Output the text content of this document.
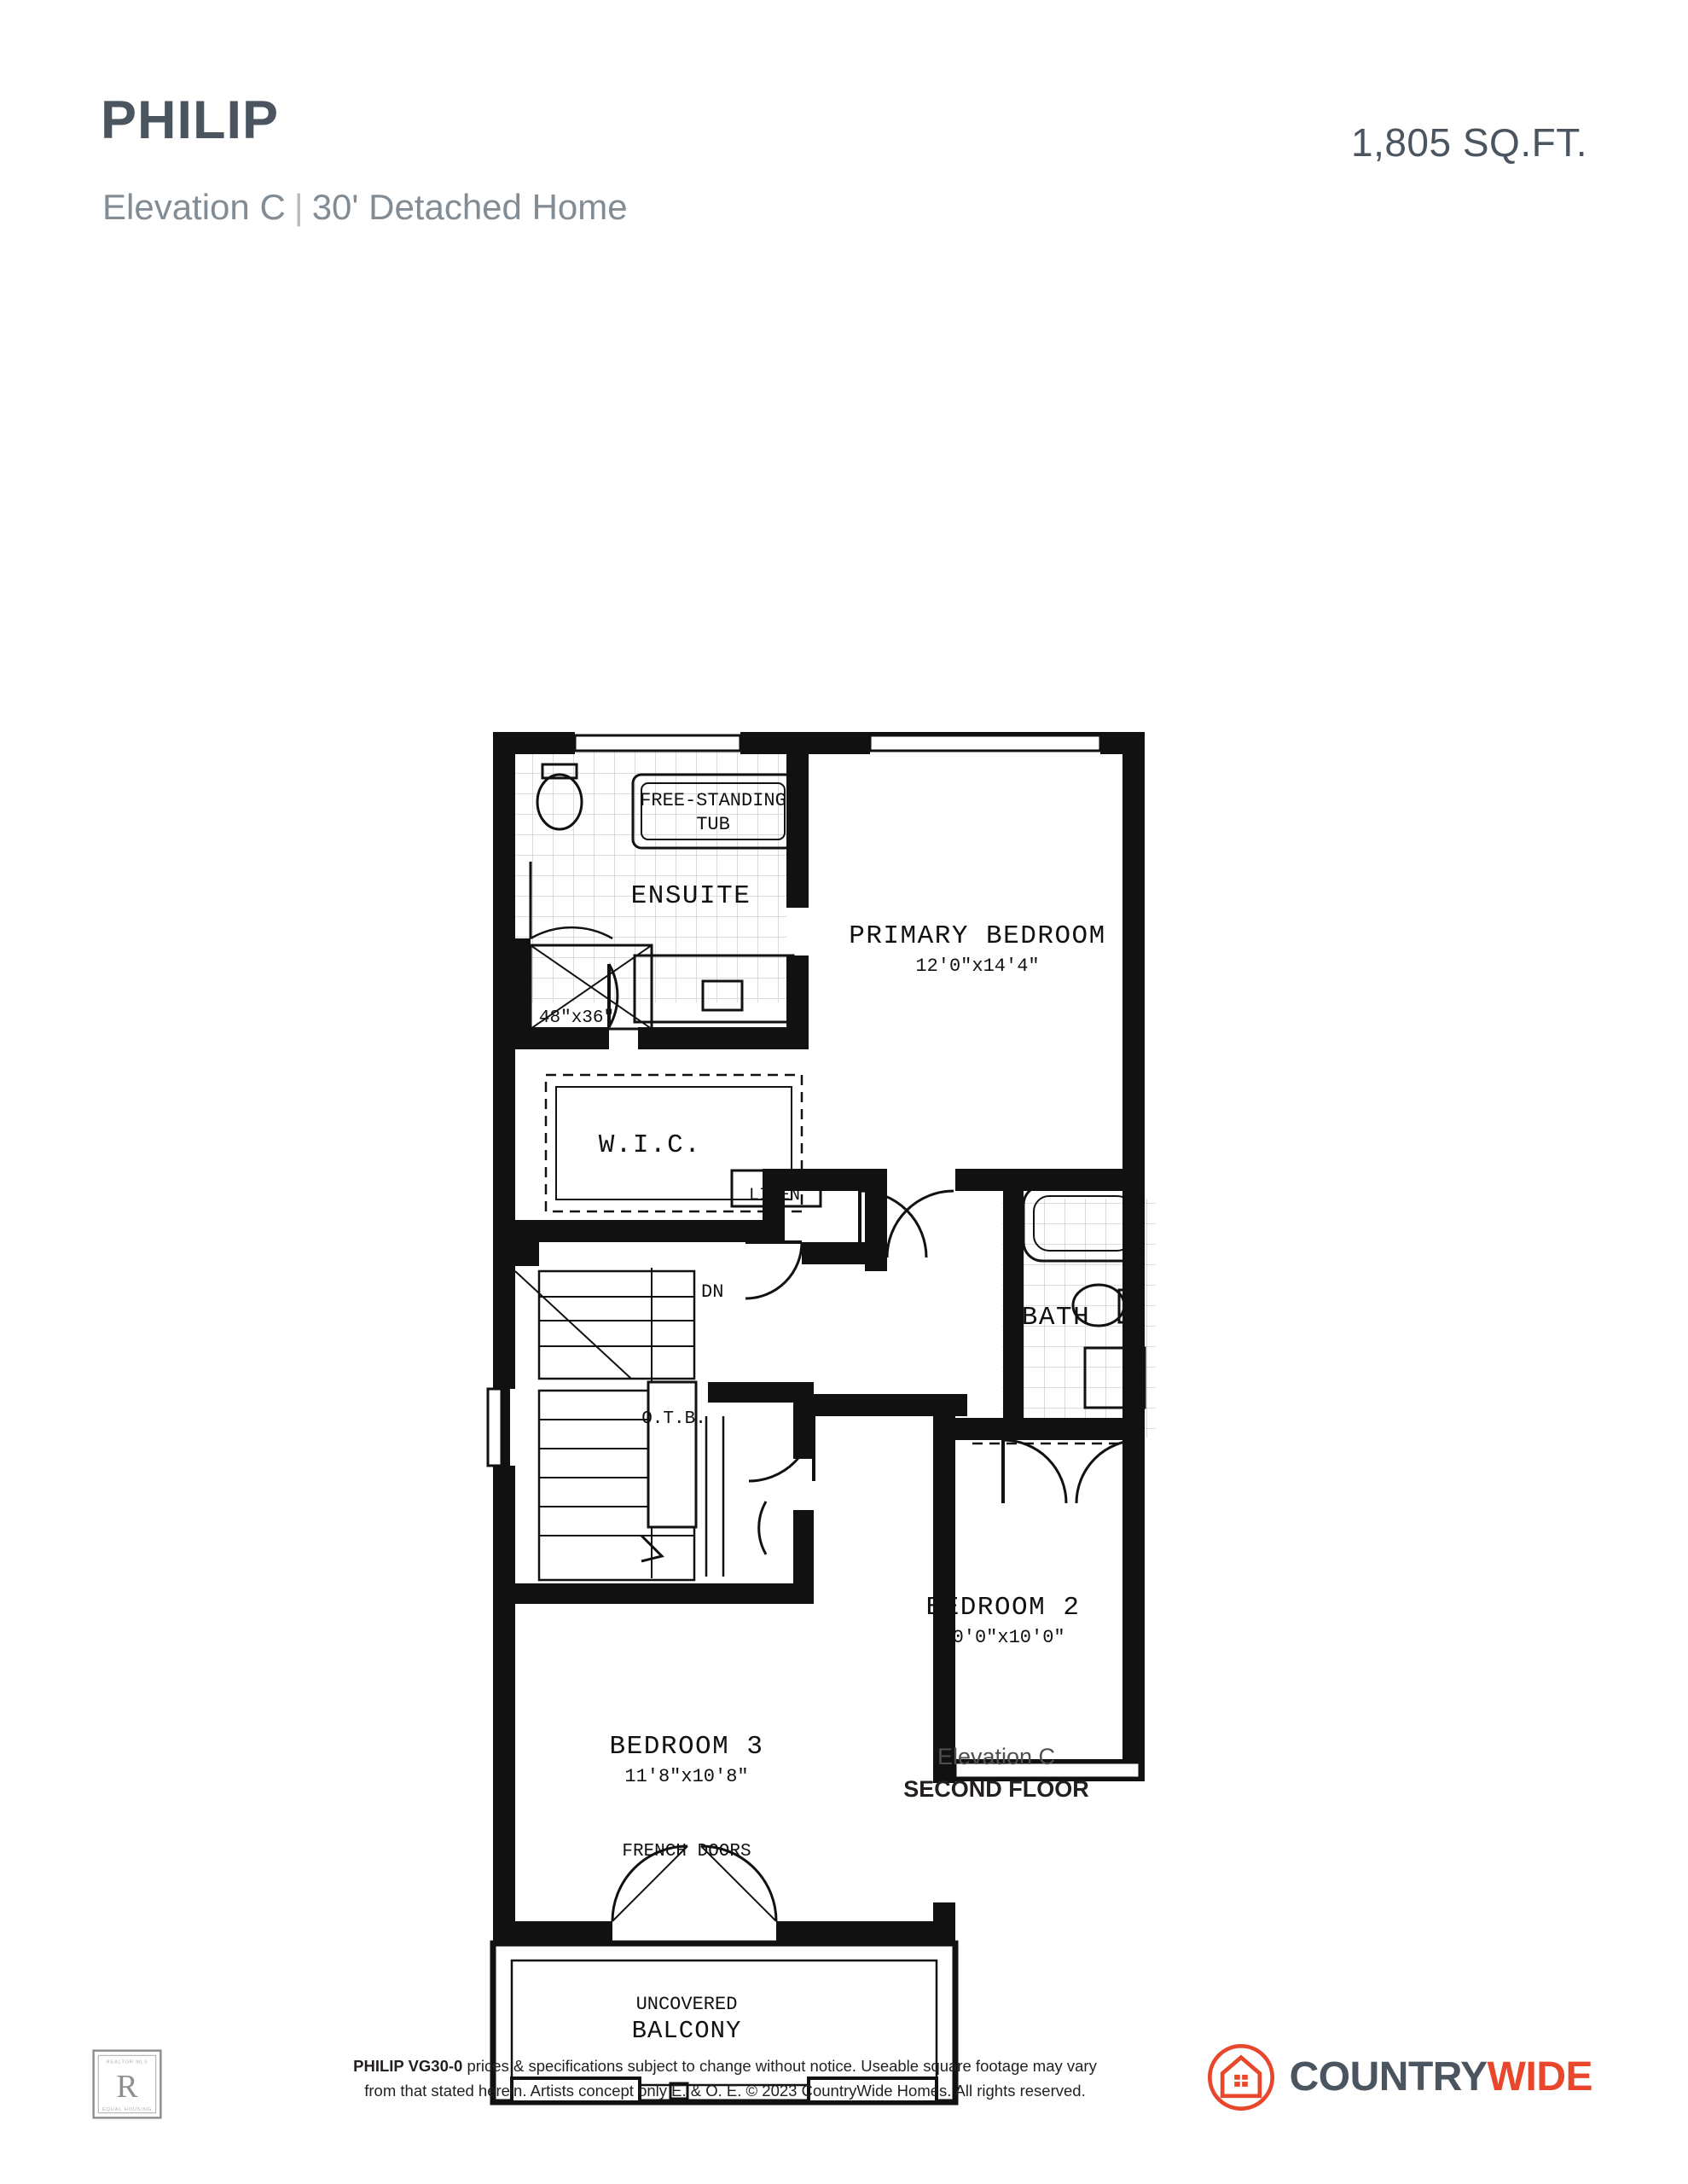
PHILIP
Elevation C | 30' Detached Home
1,805 SQ.FT.
FREE-STANDING
TUB
ENSUITE
48"x36"
PRIMARY BEDROOM
12'0"x14'4"
W.I.C.
LINEN
BATH
BEDROOM 2
10'0"x10'0"
BEDROOM 3
11'8"x10'8"
FRENCH DOORS
UNCOVERED
BALCONY
DN
O.T.B.
Elevation C
SECOND FLOOR
R
REALTOR MLS
EQUAL HOUSING
PHILIP VG30-0 prices & specifications subject to change without notice. Useable square footage may vary
from that stated herein. Artists concept only E. & O. E. © 2023 CountryWide Homes. All rights reserved.	COUNTRYWIDE
